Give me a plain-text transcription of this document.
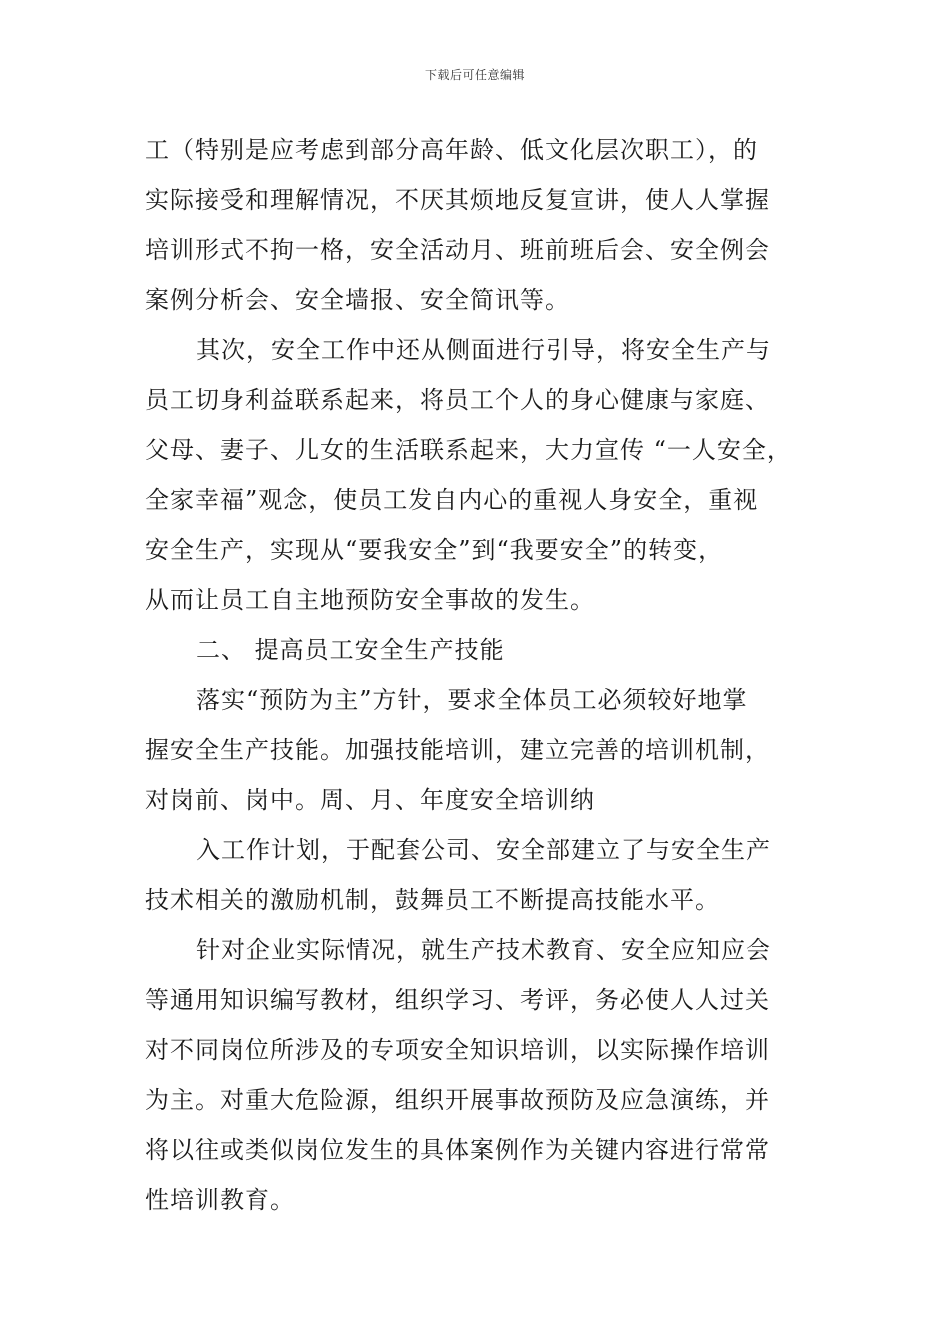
下载后可任意编辑
工（特别是应考虑到部分高年龄、低文化层次职工），的
实际接受和理解情况，不厌其烦地反复宣讲，使人人掌握
培训形式不拘一格，安全活动月、班前班后会、安全例会
案例分析会、安全墙报、安全简讯等。
其次，安全工作中还从侧面进行引导，将安全生产与
员工切身利益联系起来，将员工个人的身心健康与家庭、
父母、妻子、儿女的生活联系起来，大力宣传 “一人安全，
全家幸福”观念，使员工发自内心的重视人身安全，重视
安全生产，实现从“要我安全”到“我要安全”的转变，
从而让员工自主地预防安全事故的发生。
二、 提高员工安全生产技能
落实“预防为主”方针，要求全体员工必须较好地掌
握安全生产技能。加强技能培训，建立完善的培训机制，
对岗前、岗中。周、月、年度安全培训纳
入工作计划，于配套公司、安全部建立了与安全生产
技术相关的激励机制，鼓舞员工不断提高技能水平。
针对企业实际情况，就生产技术教育、安全应知应会
等通用知识编写教材，组织学习、考评，务必使人人过关
对不同岗位所涉及的专项安全知识培训，以实际操作培训
为主。对重大危险源，组织开展事故预防及应急演练，并
将以往或类似岗位发生的具体案例作为关键内容进行常常
性培训教育。
